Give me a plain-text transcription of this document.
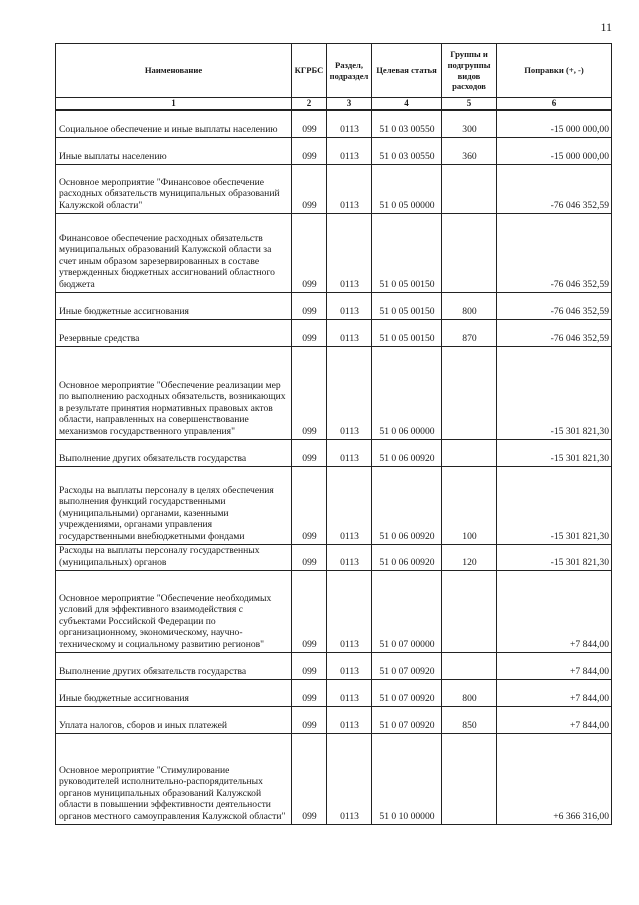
11
Наименование	КГРБС	Раздел, подраздел	Целевая статья	Группы и подгруппы видов расходов	Поправки (+, -)
1	2	3	4	5	6
Социальное обеспечение и иные выплаты населению	099	0113	51 0 03 00550	300	-15 000 000,00
Иные выплаты населению	099	0113	51 0 03 00550	360	-15 000 000,00
Основное мероприятие "Финансовое обеспечение расходных обязательств муниципальных образований Калужской области"	099	0113	51 0 05 00000		-76 046 352,59
Финансовое обеспечение расходных обязательств муниципальных образований Калужской области за счет иным образом зарезервированных в составе утвержденных бюджетных ассигнований областного бюджета	099	0113	51 0 05 00150		-76 046 352,59
Иные бюджетные ассигнования	099	0113	51 0 05 00150	800	-76 046 352,59
Резервные средства	099	0113	51 0 05 00150	870	-76 046 352,59
Основное мероприятие "Обеспечение реализации мер по выполнению расходных обязательств, возникающих в результате принятия нормативных правовых актов области, направленных на совершенствование механизмов государственного управления"	099	0113	51 0 06 00000		-15 301 821,30
Выполнение других обязательств государства	099	0113	51 0 06 00920		-15 301 821,30
Расходы на выплаты персоналу в целях обеспечения выполнения функций государственными (муниципальными) органами, казенными учреждениями, органами управления государственными внебюджетными фондами	099	0113	51 0 06 00920	100	-15 301 821,30
Расходы на выплаты персоналу государственных (муниципальных) органов	099	0113	51 0 06 00920	120	-15 301 821,30
Основное мероприятие "Обеспечение необходимых условий для эффективного взаимодействия с субъектами Российской Федерации по организационному, экономическому, научно-техническому и социальному развитию регионов"	099	0113	51 0 07 00000		+7 844,00
Выполнение других обязательств государства	099	0113	51 0 07 00920		+7 844,00
Иные бюджетные ассигнования	099	0113	51 0 07 00920	800	+7 844,00
Уплата налогов, сборов и иных платежей	099	0113	51 0 07 00920	850	+7 844,00
Основное мероприятие "Стимулирование руководителей исполнительно-распорядительных органов муниципальных образований Калужской области в повышении эффективности деятельности органов местного самоуправления Калужской области"	099	0113	51 0 10 00000		+6 366 316,00
